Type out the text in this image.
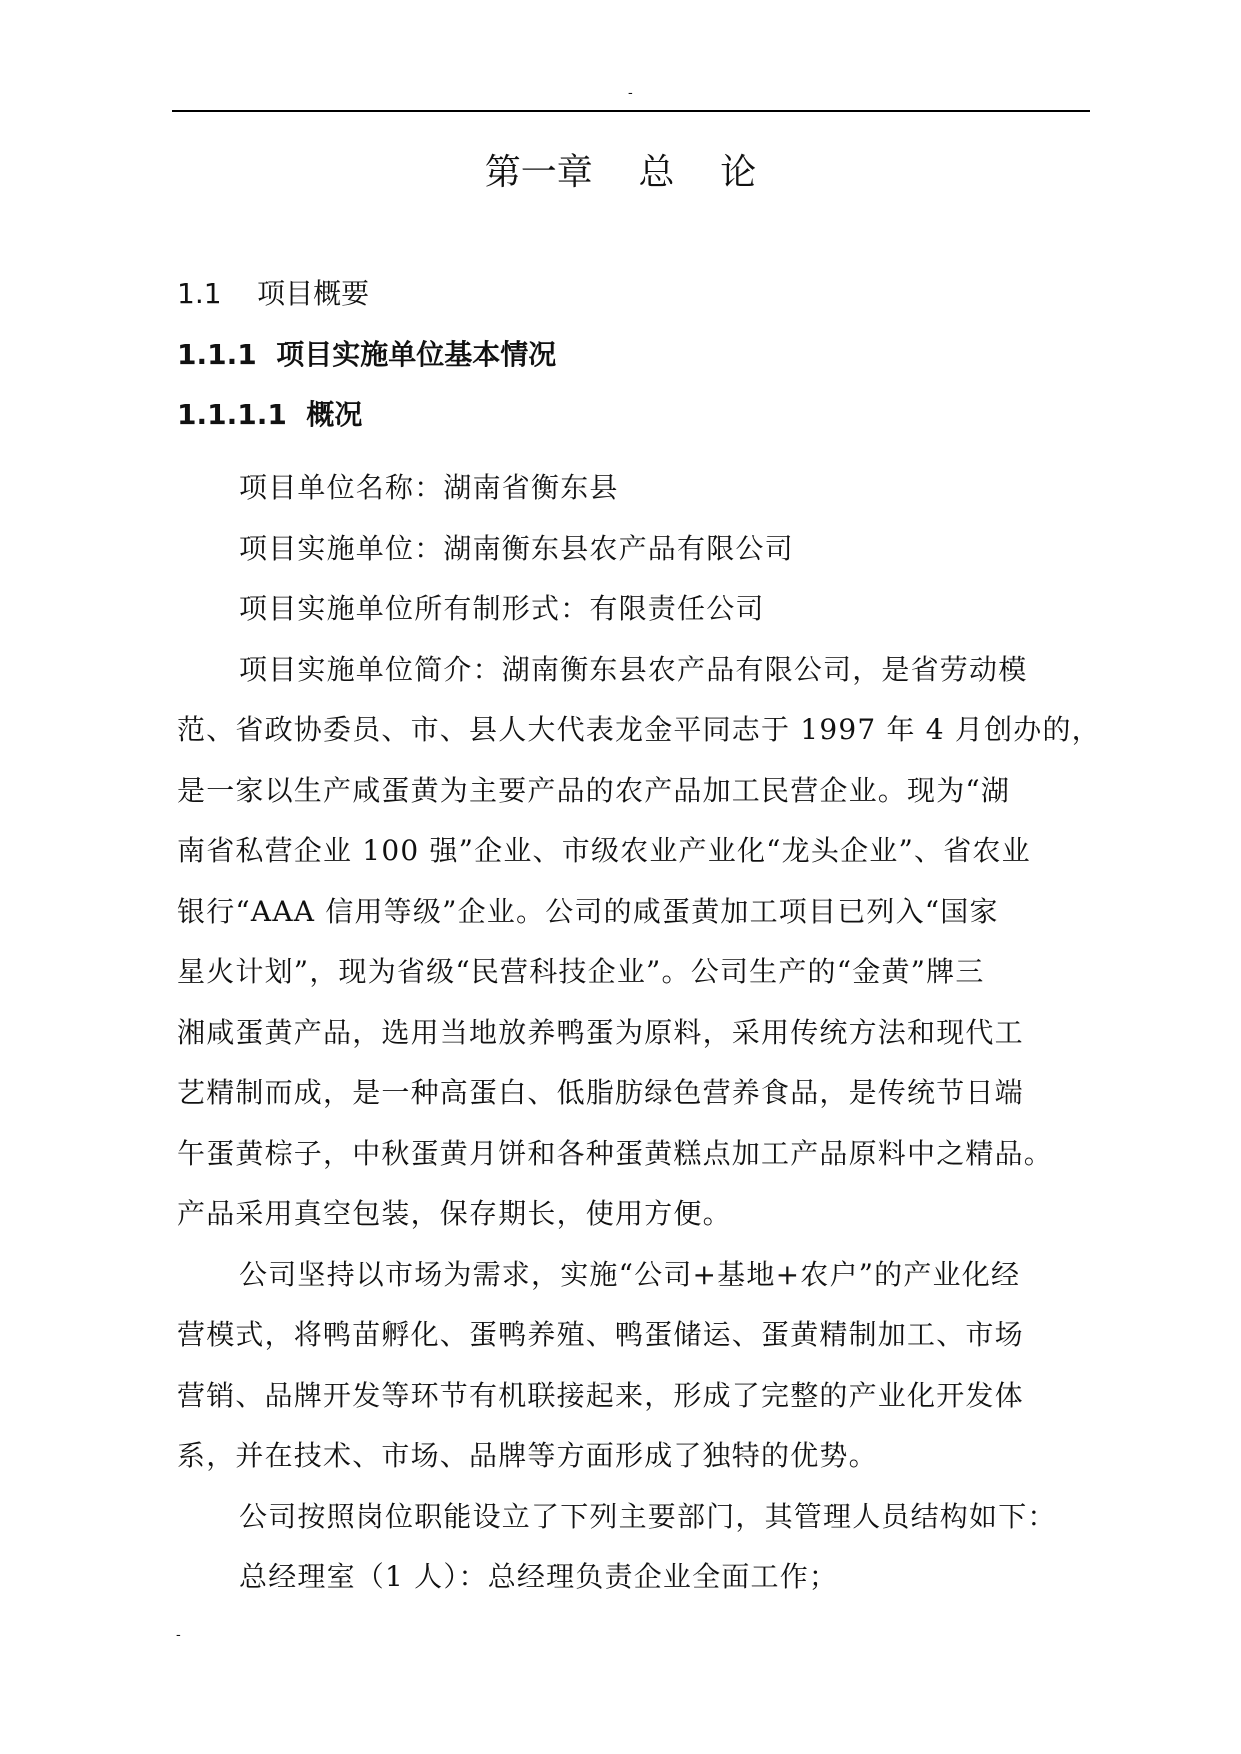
-
第一章    总    论
1.1    项目概要
1.1.1  项目实施单位基本情况
1.1.1.1  概况
项目单位名称：湖南省衡东县
项目实施单位：湖南衡东县农产品有限公司
项目实施单位所有制形式：有限责任公司
项目实施单位简介：湖南衡东县农产品有限公司，是省劳动模
范、省政协委员、市、县人大代表龙金平同志于 1997 年 4 月创办的，
是一家以生产咸蛋黄为主要产品的农产品加工民营企业。现为“湖
南省私营企业 100 强”企业、市级农业产业化“龙头企业”、省农业
银行“AAA 信用等级”企业。公司的咸蛋黄加工项目已列入“国家
星火计划”，现为省级“民营科技企业”。公司生产的“金黄”牌三
湘咸蛋黄产品，选用当地放养鸭蛋为原料，采用传统方法和现代工
艺精制而成，是一种高蛋白、低脂肪绿色营养食品，是传统节日端
午蛋黄棕子，中秋蛋黄月饼和各种蛋黄糕点加工产品原料中之精品。
产品采用真空包装，保存期长，使用方便。
公司坚持以市场为需求，实施“公司+基地+农户”的产业化经
营模式，将鸭苗孵化、蛋鸭养殖、鸭蛋储运、蛋黄精制加工、市场
营销、品牌开发等环节有机联接起来，形成了完整的产业化开发体
系，并在技术、市场、品牌等方面形成了独特的优势。
公司按照岗位职能设立了下列主要部门，其管理人员结构如下：
总经理室（1 人）：总经理负责企业全面工作；
-
